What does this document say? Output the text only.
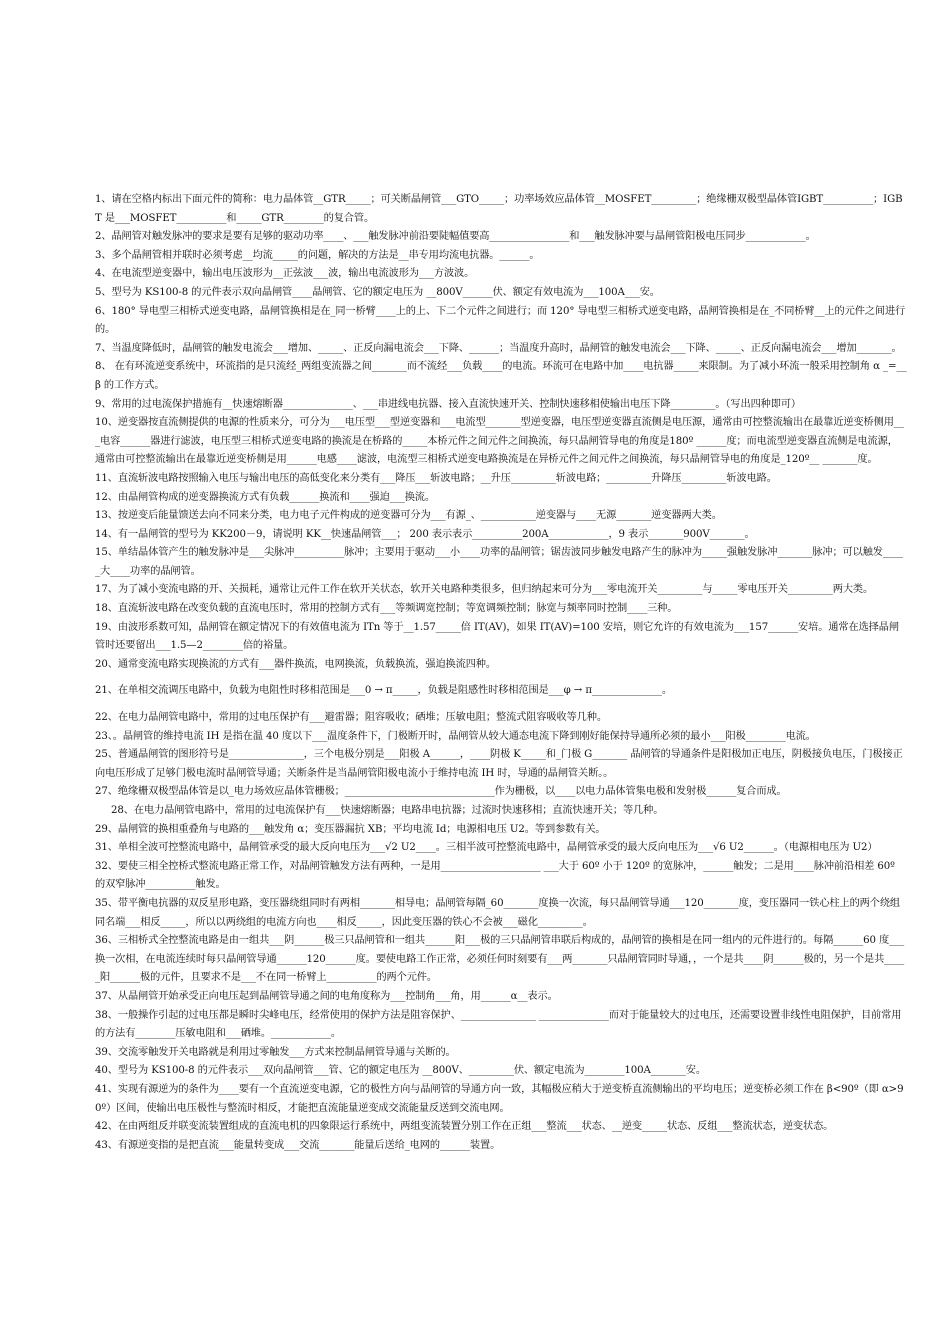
1、请在空格内标出下面元件的简称：电力晶体管__GTR_____；可关断晶闸管___GTO_____；功率场效应晶体管__MOSFET_________；绝缘栅双极型晶体管IGBT__________；IGBT 是___MOSFET__________和_____GTR________的复合管。

2、晶闸管对触发脉冲的要求是要有足够的驱动功率____、___触发脉冲前沿要陡幅值要高________________和___触发脉冲要与晶闸管阳极电压同步____________。

3、多个晶闸管相并联时必须考虑__均流_____的问题，解决的方法是__串专用均流电抗器。______。

4、在电流型逆变器中，输出电压波形为__正弦波___波，输出电流波形为___方波波。

5、型号为 KS100-8 的元件表示双向晶闸管____晶闸管、它的额定电压为 __800V______伏、额定有效电流为___100A___安。

6、180° 导电型三相桥式逆变电路，晶闸管换相是在_同一桥臂____上的上、下二个元件之间进行；而 120° 导电型三相桥式逆变电路，晶闸管换相是在_不同桥臂__上的元件之间进行的。

7、当温度降低时，晶闸管的触发电流会___增加、_____、正反向漏电流会___下降、______；当温度升高时，晶闸管的触发电流会___下降、_____、正反向漏电流会___增加_______。

8、 在有环流逆变系统中，环流指的是只流经_两组变流器之间_______而不流经___负载____的电流。环流可在电路中加____电抗器_____来限制。为了减小环流一般采用控制角 α _=__ β 的工作方式。

9、常用的过电流保护措施有__快速熔断器______________、___串进线电抗器、接入直流快速开关、控制快速移相使输出电压下降_________。（写出四种即可）

10、逆变器按直流侧提供的电源的性质来分，可分为___电压型___型逆变器和___电流型_______型逆变器，电压型逆变器直流侧是电压源，通常由可控整流输出在最靠近逆变桥侧用___电容______器进行滤波，电压型三相桥式逆变电路的换流是在桥路的_____本桥元件之间元件之间换流，每只晶闸管导电的角度是180º ______度；而电流型逆变器直流侧是电流源，通常由可控整流输出在最靠近逆变桥侧是用______电感____滤波，电流型三相桥式逆变电路换流是在异桥元件之间元件之间换流，每只晶闸管导电的角度是_120º__ _______度。

11、直流斩波电路按照输入电压与输出电压的高低变化来分类有___降压___斩波电路；__升压_________斩波电路；_________升降压_________斩波电路。

12、由晶闸管构成的逆变器换流方式有负载______换流和____强迫___换流。

13、按逆变后能量馈送去向不同来分类，电力电子元件构成的逆变器可分为___有源_、___________逆变器与____无源_______逆变器两大类。

14、有一晶闸管的型号为 KK200－9，请说明 KK__快速晶闸管___； 200 表示表示__________200A____________，9 表示_______900V_______。

15、单结晶体管产生的触发脉冲是___尖脉冲__________脉冲；主要用于驱动___小____功率的晶闸管；锯齿波同步触发电路产生的脉冲为_____强触发脉冲_______脉冲；可以触发_____大____功率的晶闸管。

17、为了减小变流电路的开、关损耗，通常让元件工作在软开关状态，软开关电路种类很多，但归纳起来可分为___零电流开关_________与_____零电压开关_________两大类。

18、直流斩波电路在改变负载的直流电压时，常用的控制方式有___等频调宽控制；等宽调频控制；脉宽与频率同时控制____三种。

19、由波形系数可知，晶闸管在额定情况下的有效值电流为 ITn 等于__1.57_____倍 IT(AV)，如果 IT(AV)=100 安培，则它允许的有效电流为___157______安培。通常在选择晶闸管时还要留出___1.5—2________倍的裕量。

20、通常变流电路实现换流的方式有___器件换流，电网换流，负载换流，强迫换流四种。

21、在单相交流调压电路中，负载为电阻性时移相范围是___0 → π_____，负载是阻感性时移相范围是___φ → π______________。

22、在电力晶闸管电路中，常用的过电压保护有___避雷器；阻容吸收；硒堆；压敏电阻；整流式阻容吸收等几种。

23、。晶闸管的维持电流 IH 是指在温 40 度以下___温度条件下，门极断开时，晶闸管从较大通态电流下降到刚好能保持导通所必须的最小___阳极________电流。

25、普通晶闸管的图形符号是_______________，三个电极分别是___阳极 A______，____阴极 K_____和_门极 G_______ 晶闸管的导通条件是阳极加正电压，阴极接负电压，门极接正向电压形成了足够门极电流时晶闸管导通；关断条件是当晶闸管阳极电流小于维持电流 IH 时，导通的晶闸管关断。。

27、绝缘栅双极型晶体管是以_电力场效应晶体管栅极；______________________________作为栅极，以____以电力晶体管集电极和发射极______复合而成。

28、在电力晶闸管电路中，常用的过电流保护有___快速熔断器；电路串电抗器；过流时快速移相；直流快速开关；等几种。

29、晶闸管的换相重叠角与电路的___触发角 α；变压器漏抗 XB；平均电流 Id；电源相电压 U2。等到参数有关。

31、单相全波可控整流电路中，晶闸管承受的最大反向电压为___√2 U2____。三相半波可控整流电路中，晶闸管承受的最大反向电压为___√6 U2______。（电源相电压为 U2）

32、要使三相全控桥式整流电路正常工作，对晶闸管触发方法有两种，一是用____________________ ___大于 60º 小于 120º 的宽脉冲，______触发；二是用____脉冲前沿相差 60º 的双窄脉冲__________触发。

35、带平衡电抗器的双反星形电路，变压器绕组同时有两相_______相导电；晶闸管每隔_60_______度换一次流，每只晶闸管导通___120_______度，变压器同一铁心柱上的两个绕组同名端___相反_____，所以以两绕组的电流方向也____相反_____，因此变压器的铁心不会被___磁化_________。

36、三相桥式全控整流电路是由一组共___阴______极三只晶闸管和一组共______阳___极的三只晶闸管串联后构成的，晶闸管的换相是在同一组内的元件进行的。每隔______60 度___换一次相，在电流连续时每只晶闸管导通______120______度。要使电路工作正常，必须任何时刻要有___两_______只晶闸管同时导通，，一个是共____阴______极的，另一个是共_____阳______极的元件，且要求不是___不在同一桥臂上__________的两个元件。

37、从晶闸管开始承受正向电压起到晶闸管导通之间的电角度称为___控制角___角，用______α__表示。

38、一般操作引起的过电压都是瞬时尖峰电压，经常使用的保护方法是阻容保护、_______________ ______________而对于能量较大的过电压，还需要设置非线性电阻保护，目前常用的方法有________压敏电阻和___硒堆。____________。

39、交流零触发开关电路就是利用过零触发___方式来控制晶闸管导通与关断的。

40、型号为 KS100-8 的元件表示___双向晶闸管___管、它的额定电压为 __800V、_________伏、额定电流为________100A_______安。

41、实现有源逆为的条件为____要有一个直流逆变电源，它的极性方向与晶闸管的导通方向一致，其幅极应稍大于逆变桥直流侧输出的平均电压；逆变桥必须工作在 β<90º（即 α>90º）区间，使输出电压极性与整流时相反，才能把直流能量逆变成交流能量反送到交流电网。

42、在由两组反并联变流装置组成的直流电机的四象限运行系统中，两组变流装置分别工作在正组___整流___状态、__逆变_____状态、反组___整流状态，逆变状态。

43、有源逆变指的是把直流___能量转变成___交流_______能量后送给_电网的______装置。
